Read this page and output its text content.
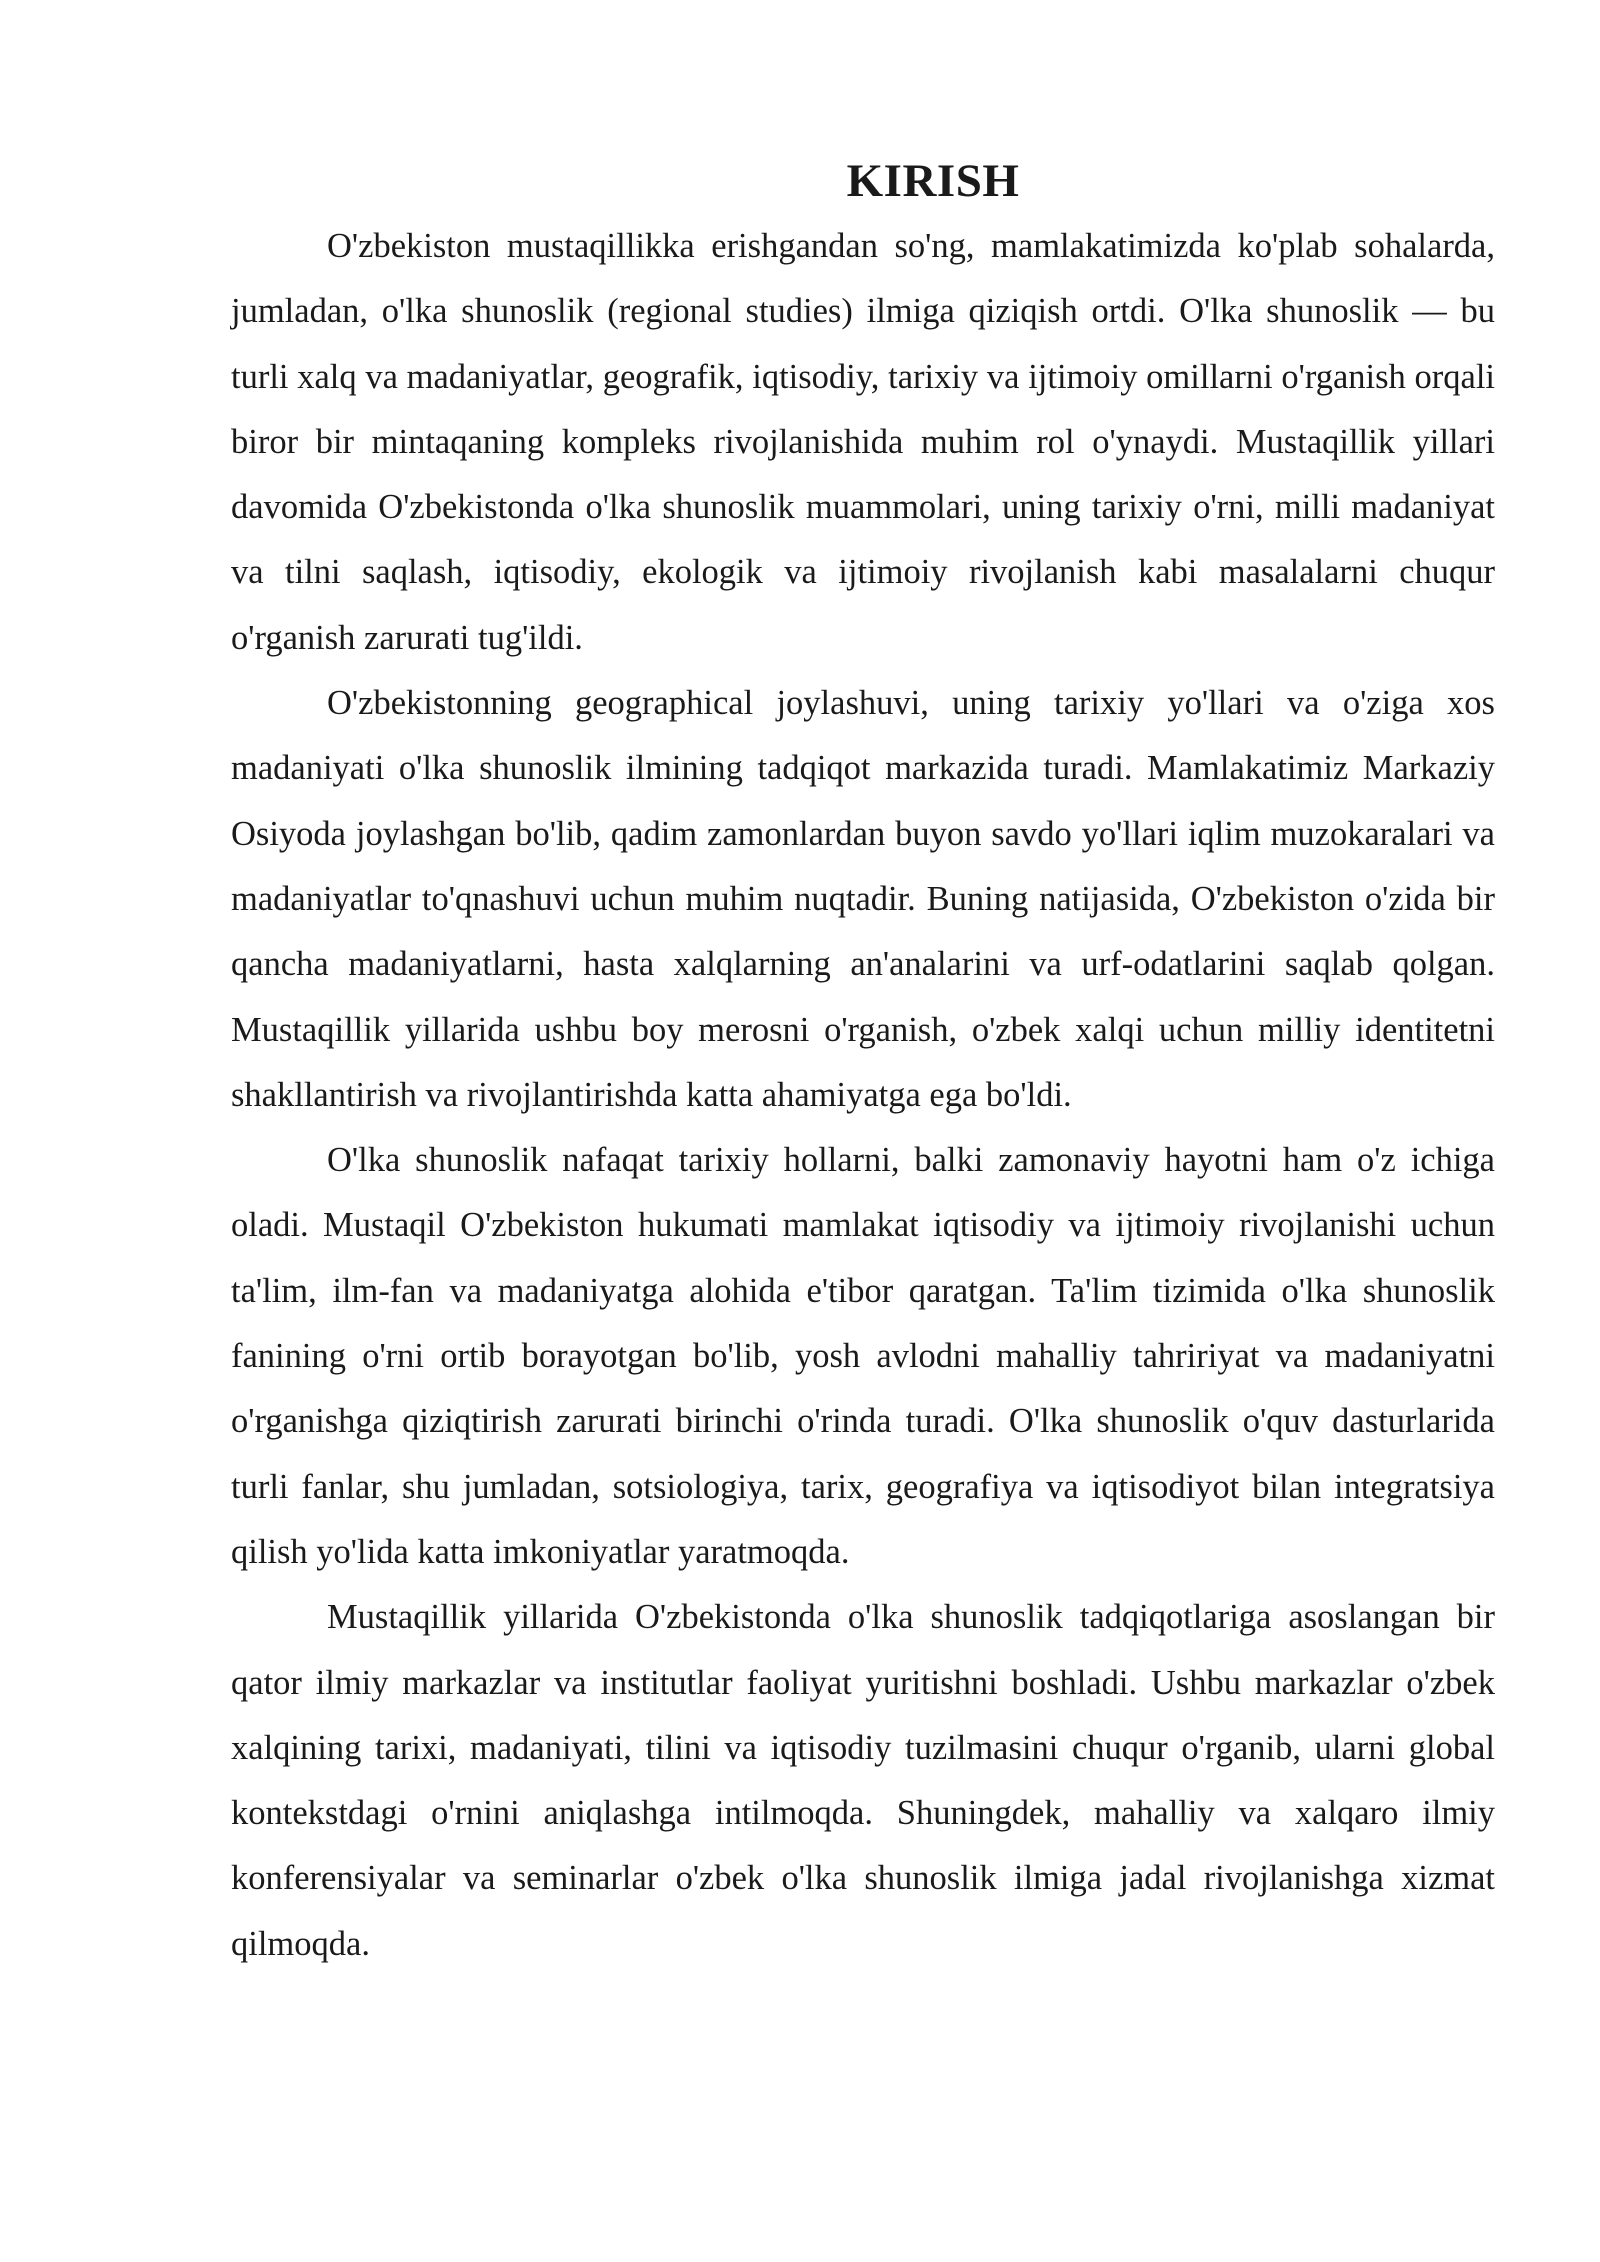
KIRISH

O'zbekiston mustaqillikka erishgandan so'ng, mamlakatimizda ko'plab sohalarda, jumladan, o'lka shunoslik (regional studies) ilmiga qiziqish ortdi. O'lka shunoslik — bu turli xalq va madaniyatlar, geografik, iqtisodiy, tarixiy va ijtimoiy omillarni o'rganish orqali biror bir mintaqaning kompleks rivojlanishida muhim rol o'ynaydi. Mustaqillik yillari davomida O'zbekistonda o'lka shunoslik muammolari, uning tarixiy o'rni, milli madaniyat va tilni saqlash, iqtisodiy, ekologik va ijtimoiy rivojlanish kabi masalalarni chuqur o'rganish zarurati tug'ildi.

O'zbekistonning geographical joylashuvi, uning tarixiy yo'llari va o'ziga xos madaniyati o'lka shunoslik ilmining tadqiqot markazida turadi. Mamlakatimiz Markaziy Osiyoda joylashgan bo'lib, qadim zamonlardan buyon savdo yo'llari iqlim muzokaralari va madaniyatlar to'qnashuvi uchun muhim nuqtadir. Buning natijasida, O'zbekiston o'zida bir qancha madaniyatlarni, hasta xalqlarning an'analarini va urf-odatlarini saqlab qolgan. Mustaqillik yillarida ushbu boy merosni o'rganish, o'zbek xalqi uchun milliy identitetni shakllantirish va rivojlantirishda katta ahamiyatga ega bo'ldi.

O'lka shunoslik nafaqat tarixiy hollarni, balki zamonaviy hayotni ham o'z ichiga oladi. Mustaqil O'zbekiston hukumati mamlakat iqtisodiy va ijtimoiy rivojlanishi uchun ta'lim, ilm-fan va madaniyatga alohida e'tibor qaratgan. Ta'lim tizimida o'lka shunoslik fanining o'rni ortib borayotgan bo'lib, yosh avlodni mahalliy tahririyat va madaniyatni o'rganishga qiziqtirish zarurati birinchi o'rinda turadi. O'lka shunoslik o'quv dasturlarida turli fanlar, shu jumladan, sotsiologiya, tarix, geografiya va iqtisodiyot bilan integratsiya qilish yo'lida katta imkoniyatlar yaratmoqda.

Mustaqillik yillarida O'zbekistonda o'lka shunoslik tadqiqotlariga asoslangan bir qator ilmiy markazlar va institutlar faoliyat yuritishni boshladi. Ushbu markazlar o'zbek xalqining tarixi, madaniyati, tilini va iqtisodiy tuzilmasini chuqur o'rganib, ularni global kontekstdagi o'rnini aniqlashga intilmoqda. Shuningdek, mahalliy va xalqaro ilmiy konferensiyalar va seminarlar o'zbek o'lka shunoslik ilmiga jadal rivojlanishga xizmat qilmoqda.
